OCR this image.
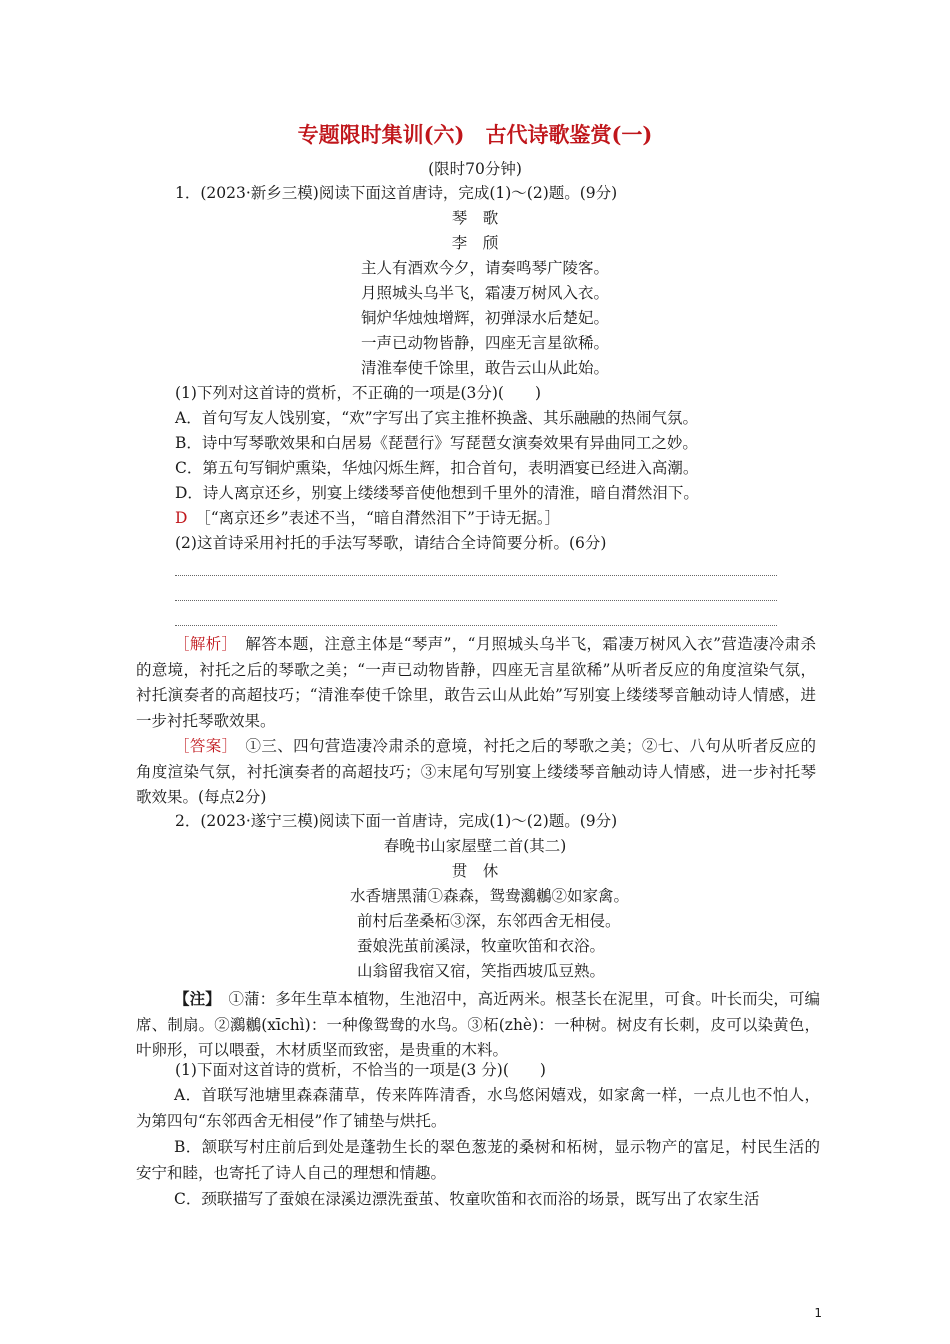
专题限时集训(六)　古代诗歌鉴赏(一)
(限时70分钟)
1．(2023·新乡三模)阅读下面这首唐诗，完成(1)～(2)题。(9分)
琴　歌
李　颀
主人有酒欢今夕，请奏鸣琴广陵客。
月照城头乌半飞，霜凄万树风入衣。
铜炉华烛烛增辉，初弹渌水后楚妃。
一声已动物皆静，四座无言星欲稀。
清淮奉使千馀里，敢告云山从此始。
(1)下列对这首诗的赏析，不正确的一项是(3分)(　　)
A．首句写友人饯别宴，“欢”字写出了宾主推杯换盏、其乐融融的热闹气氛。
B．诗中写琴歌效果和白居易《琵琶行》写琵琶女演奏效果有异曲同工之妙。
C．第五句写铜炉熏染，华烛闪烁生辉，扣合首句，表明酒宴已经进入高潮。
D．诗人离京还乡，别宴上缕缕琴音使他想到千里外的清淮，暗自潸然泪下。
D　 ［“离京还乡”表述不当，“暗自潸然泪下”于诗无据。］
(2)这首诗采用衬托的手法写琴歌，请结合全诗简要分析。(6分)
［解析］　 解答本题，注意主体是“琴声”，“月照城头乌半飞，霜凄万树风入衣”营造凄冷肃杀的意境，衬托之后的琴歌之美；“一声已动物皆静，四座无言星欲稀”从听者反应的角度渲染气氛，衬托演奏者的高超技巧；“清淮奉使千馀里，敢告云山从此始”写别宴上缕缕琴音触动诗人情感，进一步衬托琴歌效果。
［答案］　 ①三、四句营造凄冷肃杀的意境，衬托之后的琴歌之美；②七、八句从听者反应的角度渲染气氛，衬托演奏者的高超技巧；③末尾句写别宴上缕缕琴音触动诗人情感，进一步衬托琴歌效果。(每点2分)
2．(2023·遂宁三模)阅读下面一首唐诗，完成(1)～(2)题。(9分)
春晚书山家屋壁二首(其二)
贯　休
水香塘黑蒲①森森，鸳鸯鸂鶒②如家禽。
前村后垄桑柘③深，东邻西舍无相侵。
蚕娘洗茧前溪渌，牧童吹笛和衣浴。
山翁留我宿又宿，笑指西坡瓜豆熟。
【注】　 ①蒲：多年生草本植物，生池沼中，高近两米。根茎长在泥里，可食。叶长而尖，可编席、制扇。②鸂鶒(xīchì)：一种像鸳鸯的水鸟。③柘(zhè)：一种树。树皮有长刺，皮可以染黄色，叶卵形，可以喂蚕，木材质坚而致密，是贵重的木料。
(1)下面对这首诗的赏析，不恰当的一项是(3 分)(　　)
A．首联写池塘里森森蒲草，传来阵阵清香，水鸟悠闲嬉戏，如家禽一样，一点儿也不怕人，为第四句“东邻西舍无相侵”作了铺垫与烘托。
B．颔联写村庄前后到处是蓬勃生长的翠色葱茏的桑树和柘树，显示物产的富足，村民生活的安宁和睦，也寄托了诗人自己的理想和情趣。
C．颈联描写了蚕娘在渌溪边漂洗蚕茧、牧童吹笛和衣而浴的场景，既写出了农家生活
1
